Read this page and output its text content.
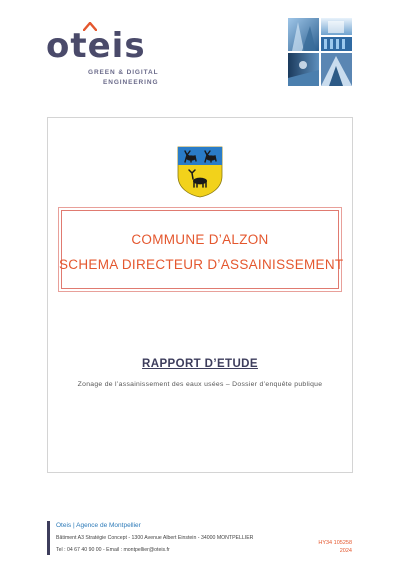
oteis
GREEN & DIGITAL
ENGINEERING
COMMUNE D’ALZON
SCHEMA DIRECTEUR D’ASSAINISSEMENT
RAPPORT D’ETUDE
Zonage de l’assainissement des eaux usées – Dossier d’enquête publique
Oteis | Agence de Montpellier
Bâtiment A3 Stratégie Concept - 1300 Avenue Albert Einstein - 34000 MONTPELLIER
Tel : 04 67 40 90 00 - Email : montpellier@oteis.fr
HY34 105258
2024
